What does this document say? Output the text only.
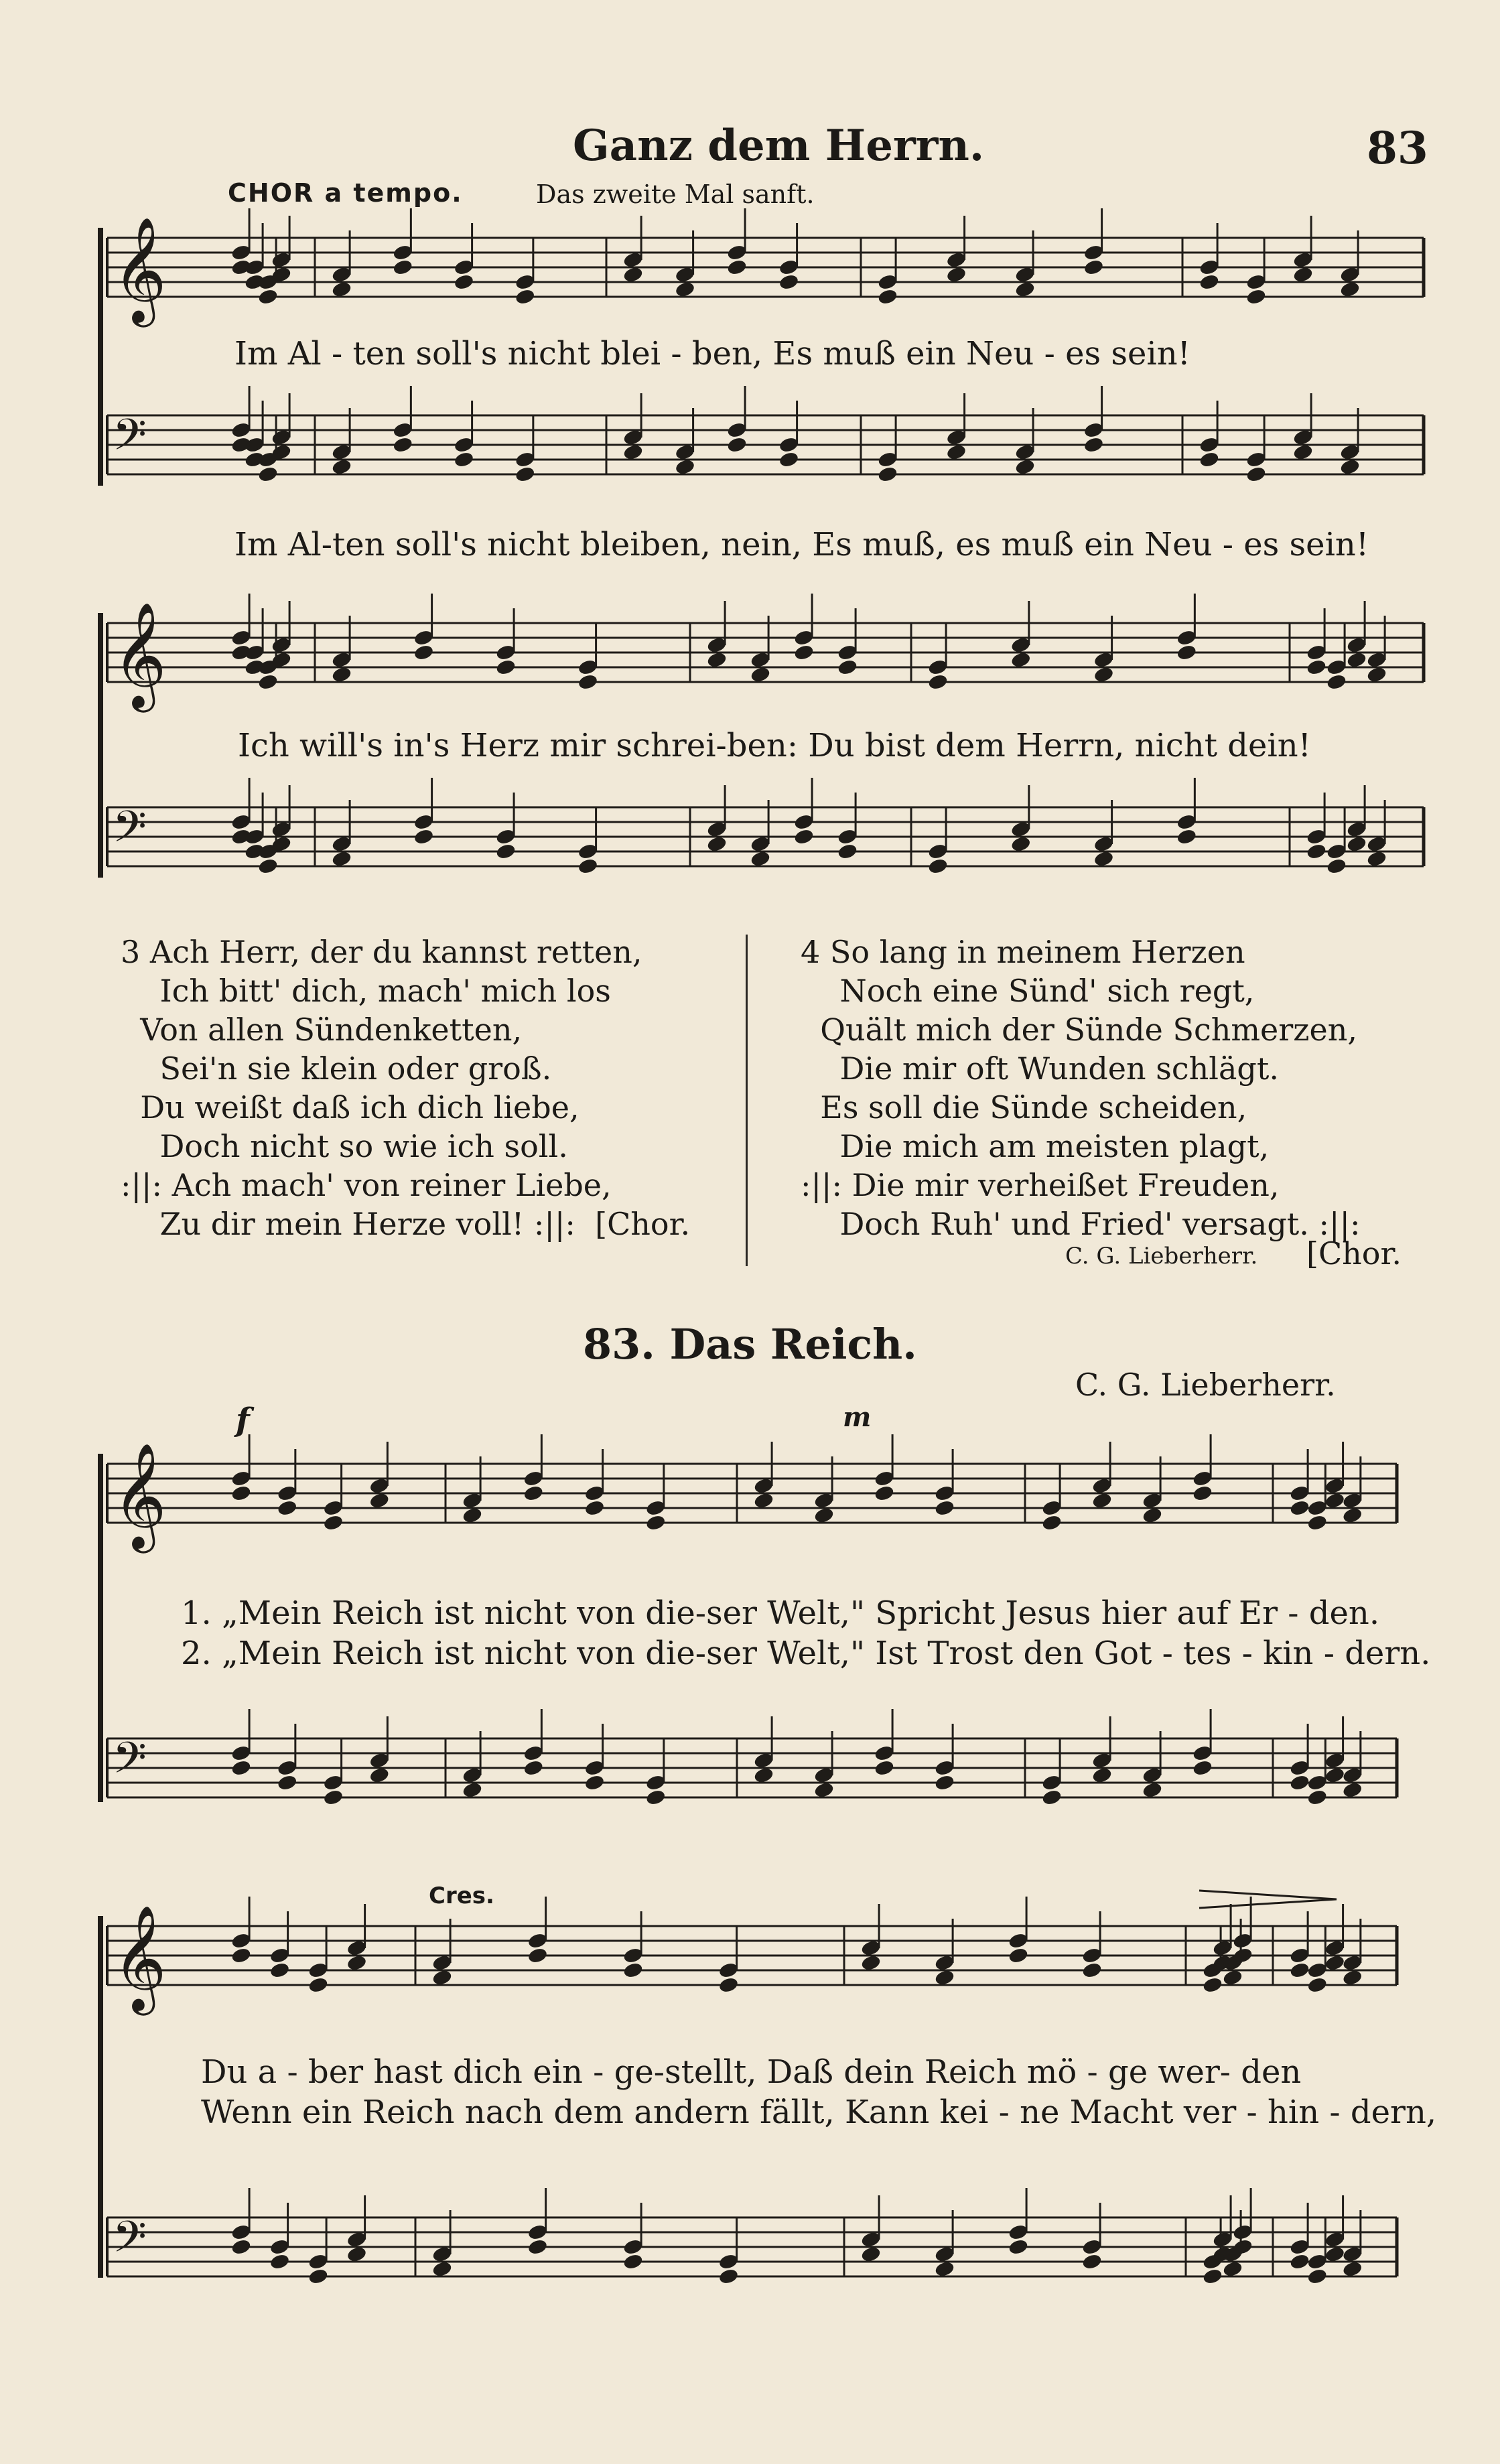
Ganz dem Herrn.	83
CHOR a tempo.	Das zweite Mal sanft.
𝄞
𝄢
𝄞
𝄢
𝄞
𝄢
𝄞
𝄢
Im Al - ten soll's nicht blei - ben, Es muß ein Neu - es sein!
Im Al-ten soll's nicht bleiben, nein, Es muß, es muß ein Neu - es sein!
Ich will's in's Herz mir schrei-ben: Du bist dem Herrn, nicht dein!
3 Ach Herr, der du kannst retten,
Ich bitt' dich, mach' mich los
Von allen Sündenketten,
Sei'n sie klein oder groß.
Du weißt daß ich dich liebe,
Doch nicht so wie ich soll.
:||: Ach mach' von reiner Liebe,
Zu dir mein Herze voll! :||:  [Chor.
4 So lang in meinem Herzen
Noch eine Sünd' sich regt,
Quält mich der Sünde Schmerzen,
Die mir oft Wunden schlägt.
Es soll die Sünde scheiden,
Die mich am meisten plagt,
:||: Die mir verheißet Freuden,
Doch Ruh' und Fried' versagt. :||:
C. G. Lieberherr. [Chor.
83. Das Reich.
C. G. Lieberherr.
f	m
1. „Mein Reich ist nicht von die-ser Welt," Spricht Jesus hier auf Er - den.
2. „Mein Reich ist nicht von die-ser Welt," Ist Trost den Got - tes - kin - dern.
Cres.
Du a - ber hast dich ein - ge-stellt, Daß dein Reich mö - ge wer- den
Wenn ein Reich nach dem andern fällt, Kann kei - ne Macht ver - hin - dern,
